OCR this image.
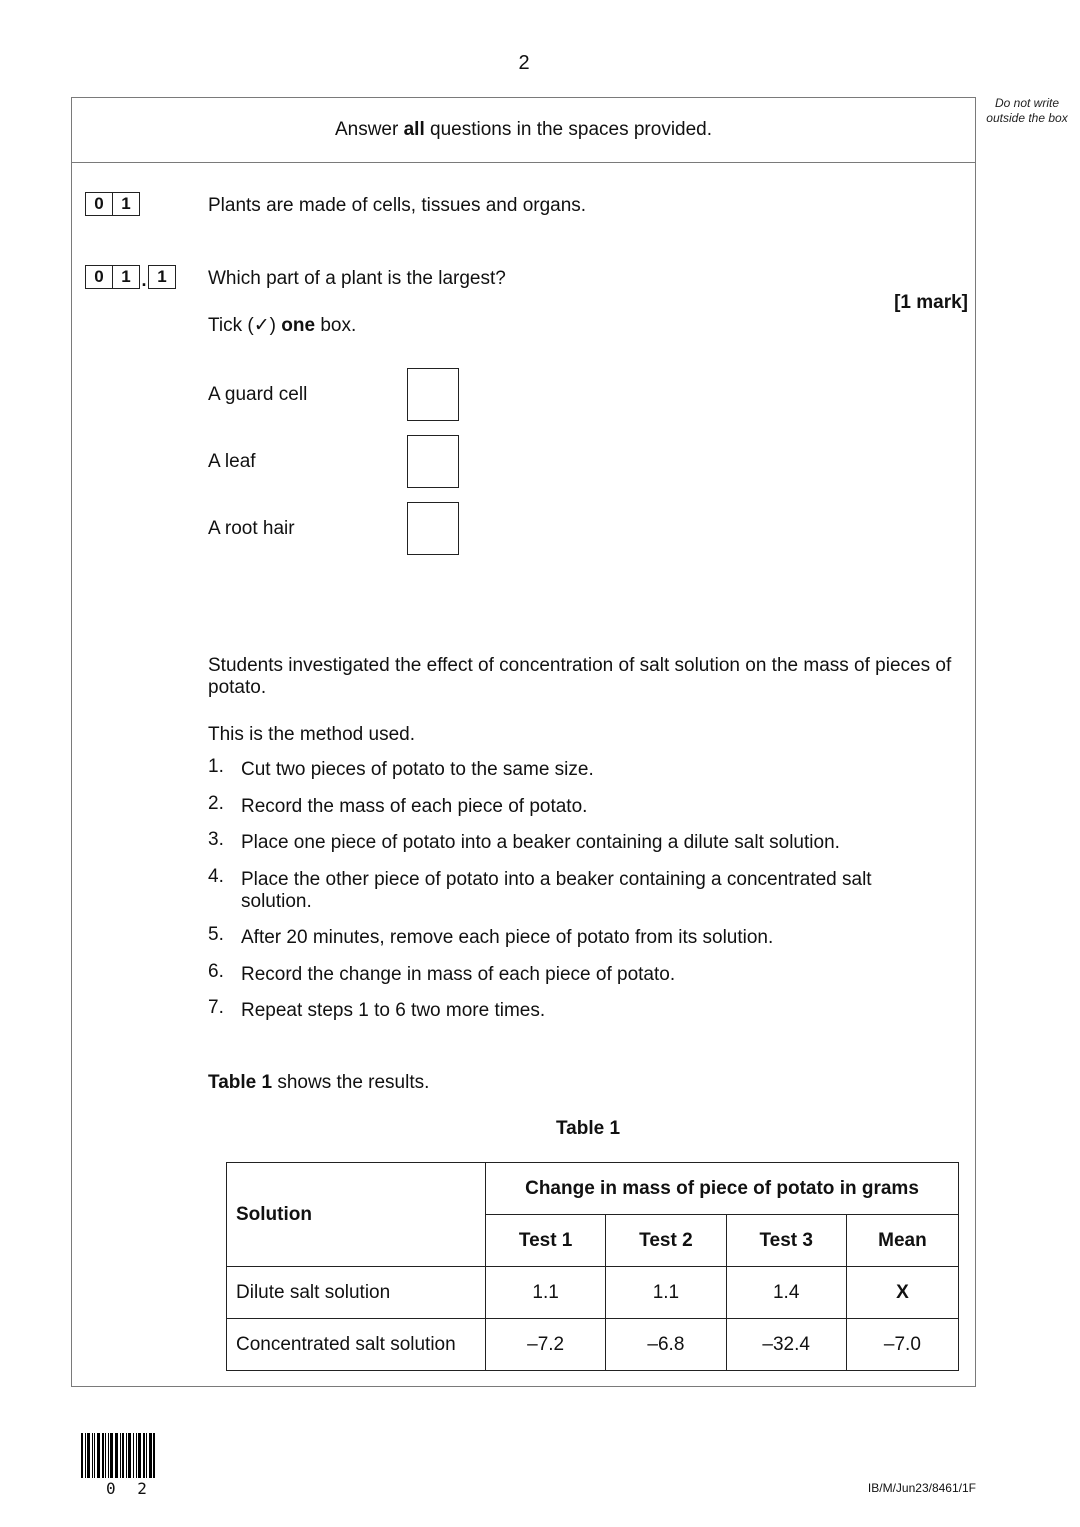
2
Do not write outside the box
Answer all questions in the spaces provided.
0	1	Plants are made of cells, tissues and organs.
0	1 . 1	Which part of a plant is the largest?
[1 mark]
Tick (✓) one box.
A guard cell
A leaf
A root hair
Students investigated the effect of concentration of salt solution on the mass of pieces of potato.
This is the method used.
1. Cut two pieces of potato to the same size.
2. Record the mass of each piece of potato.
3. Place one piece of potato into a beaker containing a dilute salt solution.
4. Place the other piece of potato into a beaker containing a concentrated salt solution.
5. After 20 minutes, remove each piece of potato from its solution.
6. Record the change in mass of each piece of potato.
7. Repeat steps 1 to 6 two more times.
Table 1 shows the results.
Table 1
Solution	Change in mass of piece of potato in grams			
	Test 1	Test 2	Test 3	Mean
Dilute salt solution	1.1	1.1	1.4	X
Concentrated salt solution	–7.2	–6.8	–32.4	–7.0
0 2	IB/M/Jun23/8461/1F
